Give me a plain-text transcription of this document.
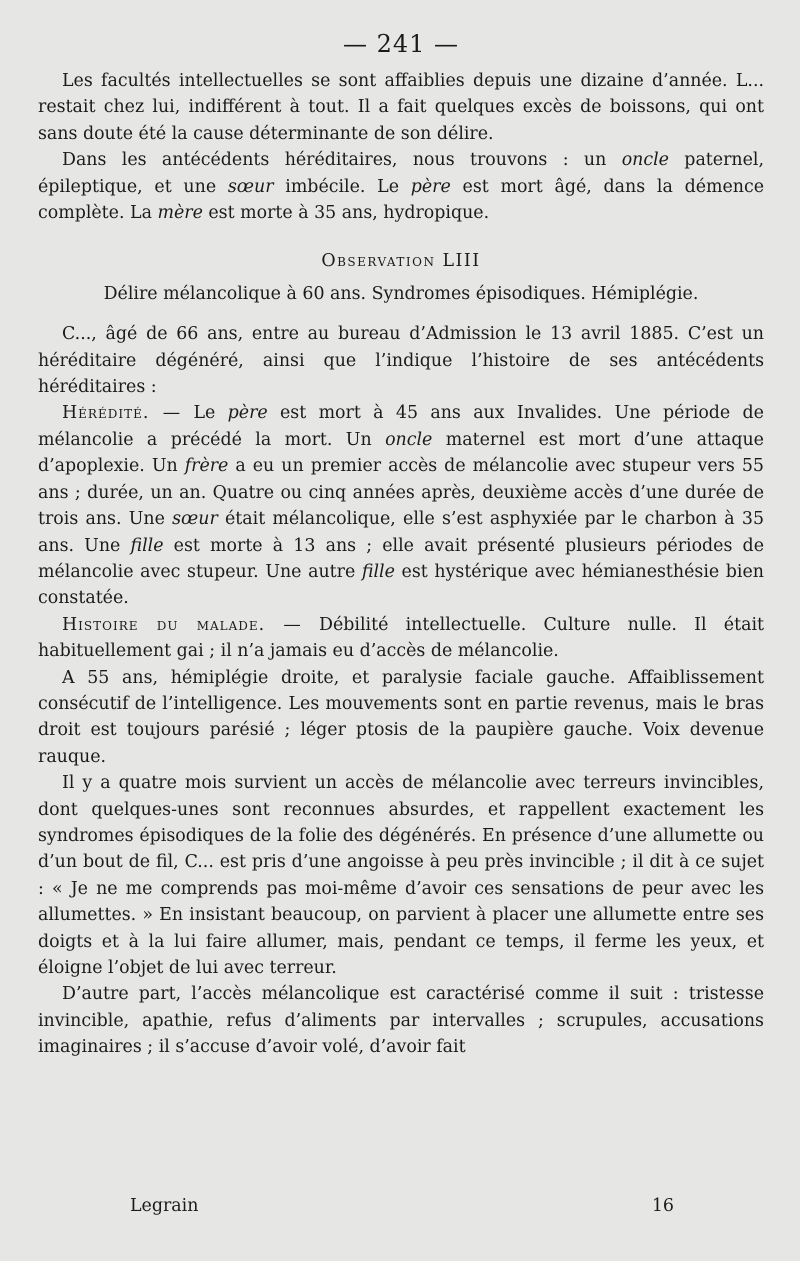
— 241 —

Les facultés intellectuelles se sont affaiblies depuis une dizaine d’année. L... restait chez lui, indifférent à tout. Il a fait quelques excès de boissons, qui ont sans doute été la cause déterminante de son délire.

Dans les antécédents héréditaires, nous trouvons : un oncle paternel, épileptique, et une sœur imbécile. Le père est mort âgé, dans la démence complète. La mère est morte à 35 ans, hydropique.

Observation LIII

Délire mélancolique à 60 ans. Syndromes épisodiques. Hémiplégie.

C..., âgé de 66 ans, entre au bureau d’Admission le 13 avril 1885. C’est un héréditaire dégénéré, ainsi que l’indique l’histoire de ses antécédents héréditaires :

Hérédité. — Le père est mort à 45 ans aux Invalides. Une période de mélancolie a précédé la mort. Un oncle maternel est mort d’une attaque d’apoplexie. Un frère a eu un premier accès de mélancolie avec stupeur vers 55 ans ; durée, un an. Quatre ou cinq années après, deuxième accès d’une durée de trois ans. Une sœur était mélancolique, elle s’est asphyxiée par le charbon à 35 ans. Une fille est morte à 13 ans ; elle avait présenté plusieurs périodes de mélancolie avec stupeur. Une autre fille est hystérique avec hémianesthésie bien constatée.

Histoire du malade. — Débilité intellectuelle. Culture nulle. Il était habituellement gai ; il n’a jamais eu d’accès de mélancolie.

A 55 ans, hémiplégie droite, et paralysie faciale gauche. Affaiblissement consécutif de l’intelligence. Les mouvements sont en partie revenus, mais le bras droit est toujours parésié ; léger ptosis de la paupière gauche. Voix devenue rauque.

Il y a quatre mois survient un accès de mélancolie avec terreurs invincibles, dont quelques-unes sont reconnues absurdes, et rappellent exactement les syndromes épisodiques de la folie des dégénérés. En présence d’une allumette ou d’un bout de fil, C... est pris d’une angoisse à peu près invincible ; il dit à ce sujet : « Je ne me comprends pas moi-même d’avoir ces sensations de peur avec les allumettes. » En insistant beaucoup, on parvient à placer une allumette entre ses doigts et à la lui faire allumer, mais, pendant ce temps, il ferme les yeux, et éloigne l’objet de lui avec terreur.

D’autre part, l’accès mélancolique est caractérisé comme il suit : tristesse invincible, apathie, refus d’aliments par intervalles ; scrupules, accusations imaginaires ; il s’accuse d’avoir volé, d’avoir fait

Legrain	16
